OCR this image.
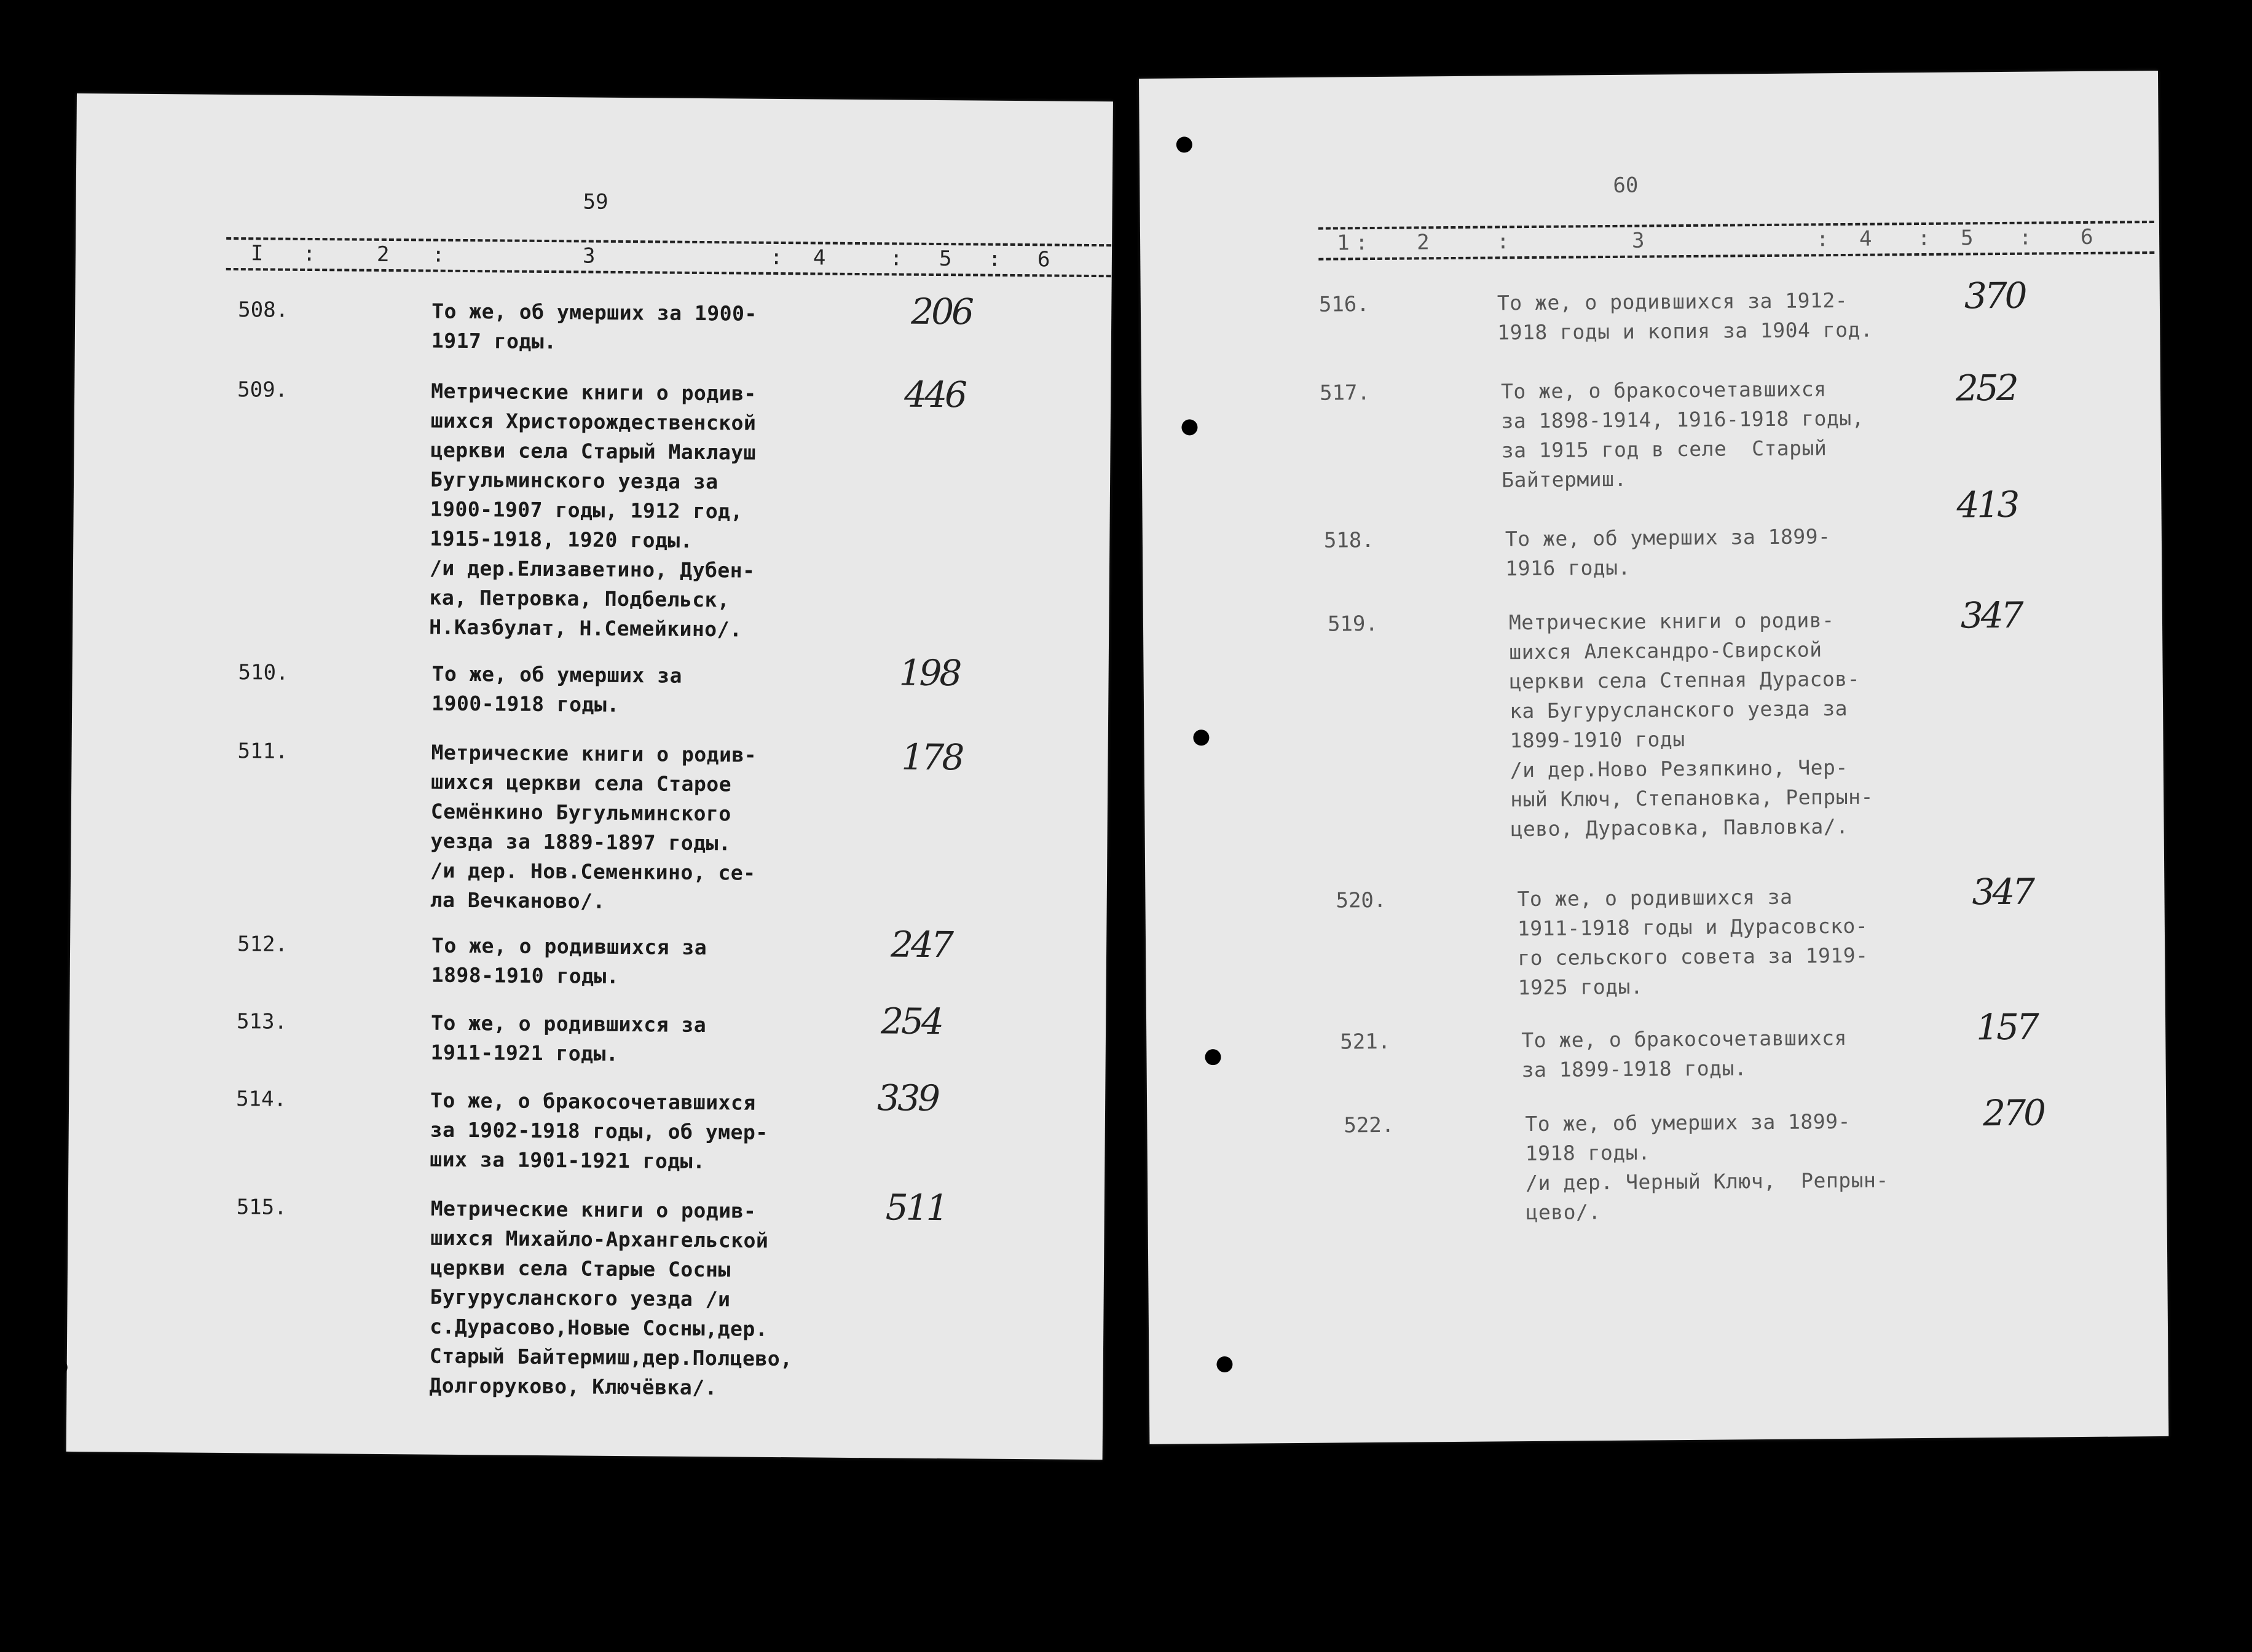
59
I :	2 :	3	: 4	: 5 : 6
508.	То же, об умерших за 1900-
1917 годы.
206
509.	Метрические книги о родив-
шихся Христорождественской
церкви села Старый Маклауш
Бугульминского уезда за
1900-1907 годы, 1912 год,
1915-1918, 1920 годы.
/и дер.Елизаветино, Дубен-
ка, Петровка, Подбельск,
Н.Казбулат, Н.Семейкино/.
446
510.	То же, об умерших за
1900-1918 годы.
198
511.	Метрические книги о родив-
шихся церкви села Старое
Семёнкино Бугульминского
уезда за 1889-1897 годы.
/и дер. Нов.Семенкино, се-
ла Вечканово/.
178
512.	То же, о родившихся за
1898-1910 годы.
247
513.	То же, о родившихся за
1911-1921 годы.
254
514.	То же, о бракосочетавшихся
за 1902-1918 годы, об умер-
ших за 1901-1921 годы.
339
515.	Метрические книги о родив-
шихся Михайло-Архангельской
церкви села Старые Сосны
Бугурусланского уезда /и
с.Дурасово,Новые Сосны,дер.
Старый Байтермиш,дер.Полцево,
Долгоруково, Ключёвка/.
511
60
1 : 2	:	3	: 4 : 5 : 6
516.	То же, о родившихся за 1912-
1918 годы и копия за 1904 год.
370
517.	То же, о бракосочетавшихся
за 1898-1914, 1916-1918 годы,
за 1915 год в селе  Старый
Байтермиш.
252
518.	То же, об умерших за 1899-
1916 годы.
413
519.	Метрические книги о родив-
шихся Александро-Свирской
церкви села Степная Дурасов-
ка Бугурусланского уезда за
1899-1910 годы
/и дер.Ново Резяпкино, Чер-
ный Ключ, Степановка, Репрын-
цево, Дурасовка, Павловка/.
347
520.	То же, о родившихся за
1911-1918 годы и Дурасовско-
го сельского совета за 1919-
1925 годы.
347
521.	То же, о бракосочетавшихся
за 1899-1918 годы.
157
522.	То же, об умерших за 1899-
1918 годы.
/и дер. Черный Ключ,  Репрын-
цево/.
270
